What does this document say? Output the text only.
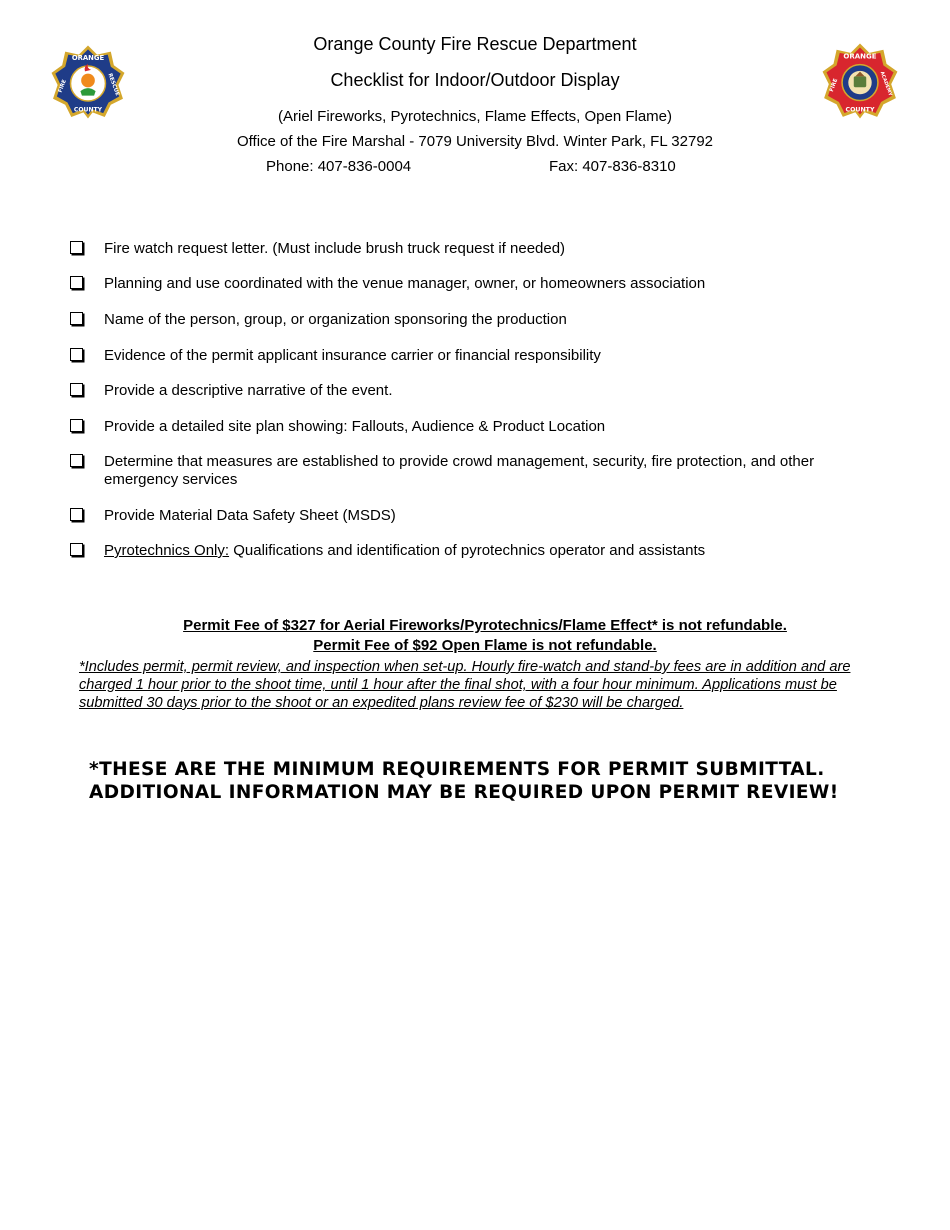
ORANGE
COUNTY
FIRE	RESCUE
ORANGE
COUNTY
FIRE	ACADEMY
Orange County Fire Rescue Department
Checklist for Indoor/Outdoor Display
(Ariel Fireworks, Pyrotechnics, Flame Effects, Open Flame)
Office of the Fire Marshal - 7079 University Blvd. Winter Park, FL 32792
Phone: 407-836-0004	Fax: 407-836-8310
Fire watch request letter. (Must include brush truck request if needed)
Planning and use coordinated with the venue manager, owner, or homeowners association
Name of the person, group, or organization sponsoring the production
Evidence of the permit applicant insurance carrier or financial responsibility
Provide a descriptive narrative of the event.
Provide a detailed site plan showing: Fallouts, Audience & Product Location
Determine that measures are established to provide crowd management, security, fire protection, and other emergency services
Provide Material Data Safety Sheet (MSDS)
Pyrotechnics Only: Qualifications and identification of pyrotechnics operator and assistants
Permit Fee of $327 for Aerial Fireworks/Pyrotechnics/Flame Effect* is not refundable.
Permit Fee of $92 Open Flame is not refundable.
*Includes permit, permit review, and inspection when set-up. Hourly fire-watch and stand-by fees are in addition and are charged 1 hour prior to the shoot time, until 1 hour after the final shot, with a four hour minimum. Applications must be submitted 30 days prior to the shoot or an expedited plans review fee of $230 will be charged.
*THESE ARE THE MINIMUM REQUIREMENTS FOR PERMIT SUBMITTAL.
ADDITIONAL INFORMATION MAY BE REQUIRED UPON PERMIT REVIEW!
